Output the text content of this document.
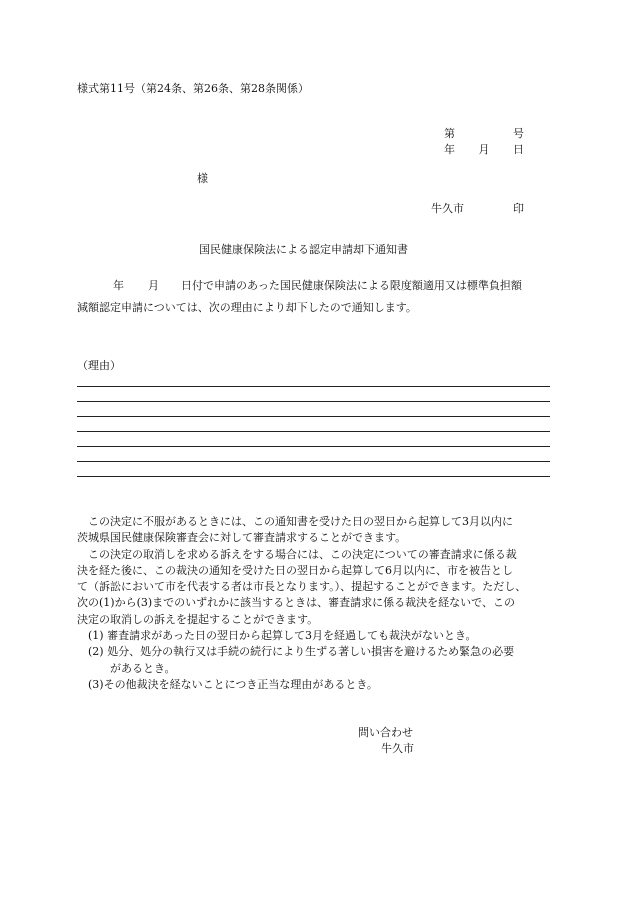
様式第11号（第24条、第26条、第28条関係）
第	号
年 月 日
様
牛久市	印
国民健康保険法による認定申請却下通知書
年 月 日付で申請のあった国民健康保険法による限度額適用又は標準負担額
減額認定申請については、次の理由により却下したので通知します。
（理由）
この決定に不服があるときには、この通知書を受けた日の翌日から起算して3月以内に
茨城県国民健康保険審査会に対して審査請求することができます。
この決定の取消しを求める訴えをする場合には、この決定についての審査請求に係る裁
決を経た後に、この裁決の通知を受けた日の翌日から起算して6月以内に、市を被告とし
て（訴訟において市を代表する者は市長となります。）、提起することができます。ただし、
次の(1)から(3)までのいずれかに該当するときは、審査請求に係る裁決を経ないで、この
決定の取消しの訴えを提起することができます。
(1) 審査請求があった日の翌日から起算して3月を経過しても裁決がないとき。
(2) 処分、処分の執行又は手続の続行により生ずる著しい損害を避けるため緊急の必要
があるとき。
(3)その他裁決を経ないことにつき正当な理由があるとき。
問い合わせ
牛久市
